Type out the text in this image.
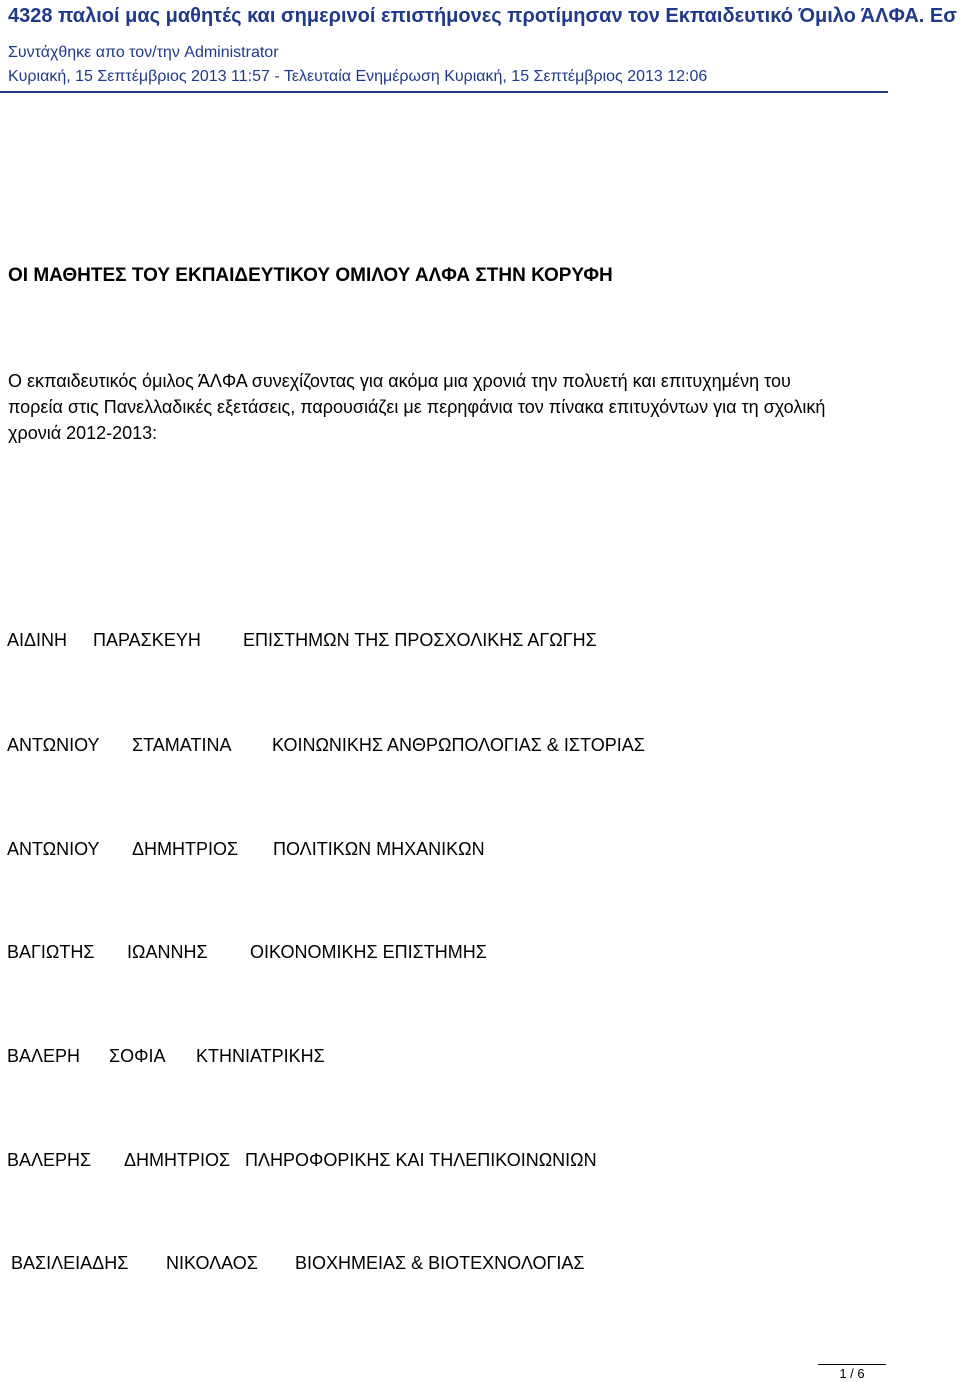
4328 παλιοί μας μαθητές και σημερινοί επιστήμονες προτίμησαν τον Εκπαιδευτικό Όμιλο ΆΛΦΑ. Εσ
Συντάχθηκε απο τον/την Administrator
Κυριακή, 15 Σεπτέμβριος 2013 11:57 - Τελευταία Ενημέρωση Κυριακή, 15 Σεπτέμβριος 2013 12:06
ΟΙ ΜΑΘΗΤΕΣ ΤΟΥ ΕΚΠΑΙΔΕΥΤΙΚΟΥ ΟΜΙΛΟΥ ΑΛΦΑ ΣΤΗΝ ΚΟΡΥΦΗ
Ο εκπαιδευτικός όμιλος ΆΛΦΑ συνεχίζοντας για ακόμα μια χρονιά την πολυετή και επιτυχημένη του πορεία στις Πανελλαδικές εξετάσεις, παρουσιάζει με περηφάνια τον πίνακα επιτυχόντων για τη σχολική χρονιά 2012-2013:
ΑΙΔΙΝΗ ΠΑΡΑΣΚΕΥΗ ΕΠΙΣΤΗΜΩΝ ΤΗΣ ΠΡΟΣΧΟΛΙΚΗΣ ΑΓΩΓΗΣ
ΑΝΤΩΝΙΟΥ ΣΤΑΜΑΤΙΝΑ ΚΟΙΝΩΝΙΚΗΣ ΑΝΘΡΩΠΟΛΟΓΙΑΣ & ΙΣΤΟΡΙΑΣ
ΑΝΤΩΝΙΟΥ ΔΗΜΗΤΡΙΟΣ ΠΟΛΙΤΙΚΩΝ ΜΗΧΑΝΙΚΩΝ
ΒΑΓΙΩΤΗΣ ΙΩΑΝΝΗΣ ΟΙΚΟΝΟΜΙΚΗΣ ΕΠΙΣΤΗΜΗΣ
ΒΑΛΕΡΗ ΣΟΦΙΑ ΚΤΗΝΙΑΤΡΙΚΗΣ
ΒΑΛΕΡΗΣ ΔΗΜΗΤΡΙΟΣ ΠΛΗΡΟΦΟΡΙΚΗΣ ΚΑΙ ΤΗΛΕΠΙΚΟΙΝΩΝΙΩΝ
ΒΑΣΙΛΕΙΑΔΗΣ ΝΙΚΟΛΑΟΣ ΒΙΟΧΗΜΕΙΑΣ & ΒΙΟΤΕΧΝΟΛΟΓΙΑΣ
1 / 6
